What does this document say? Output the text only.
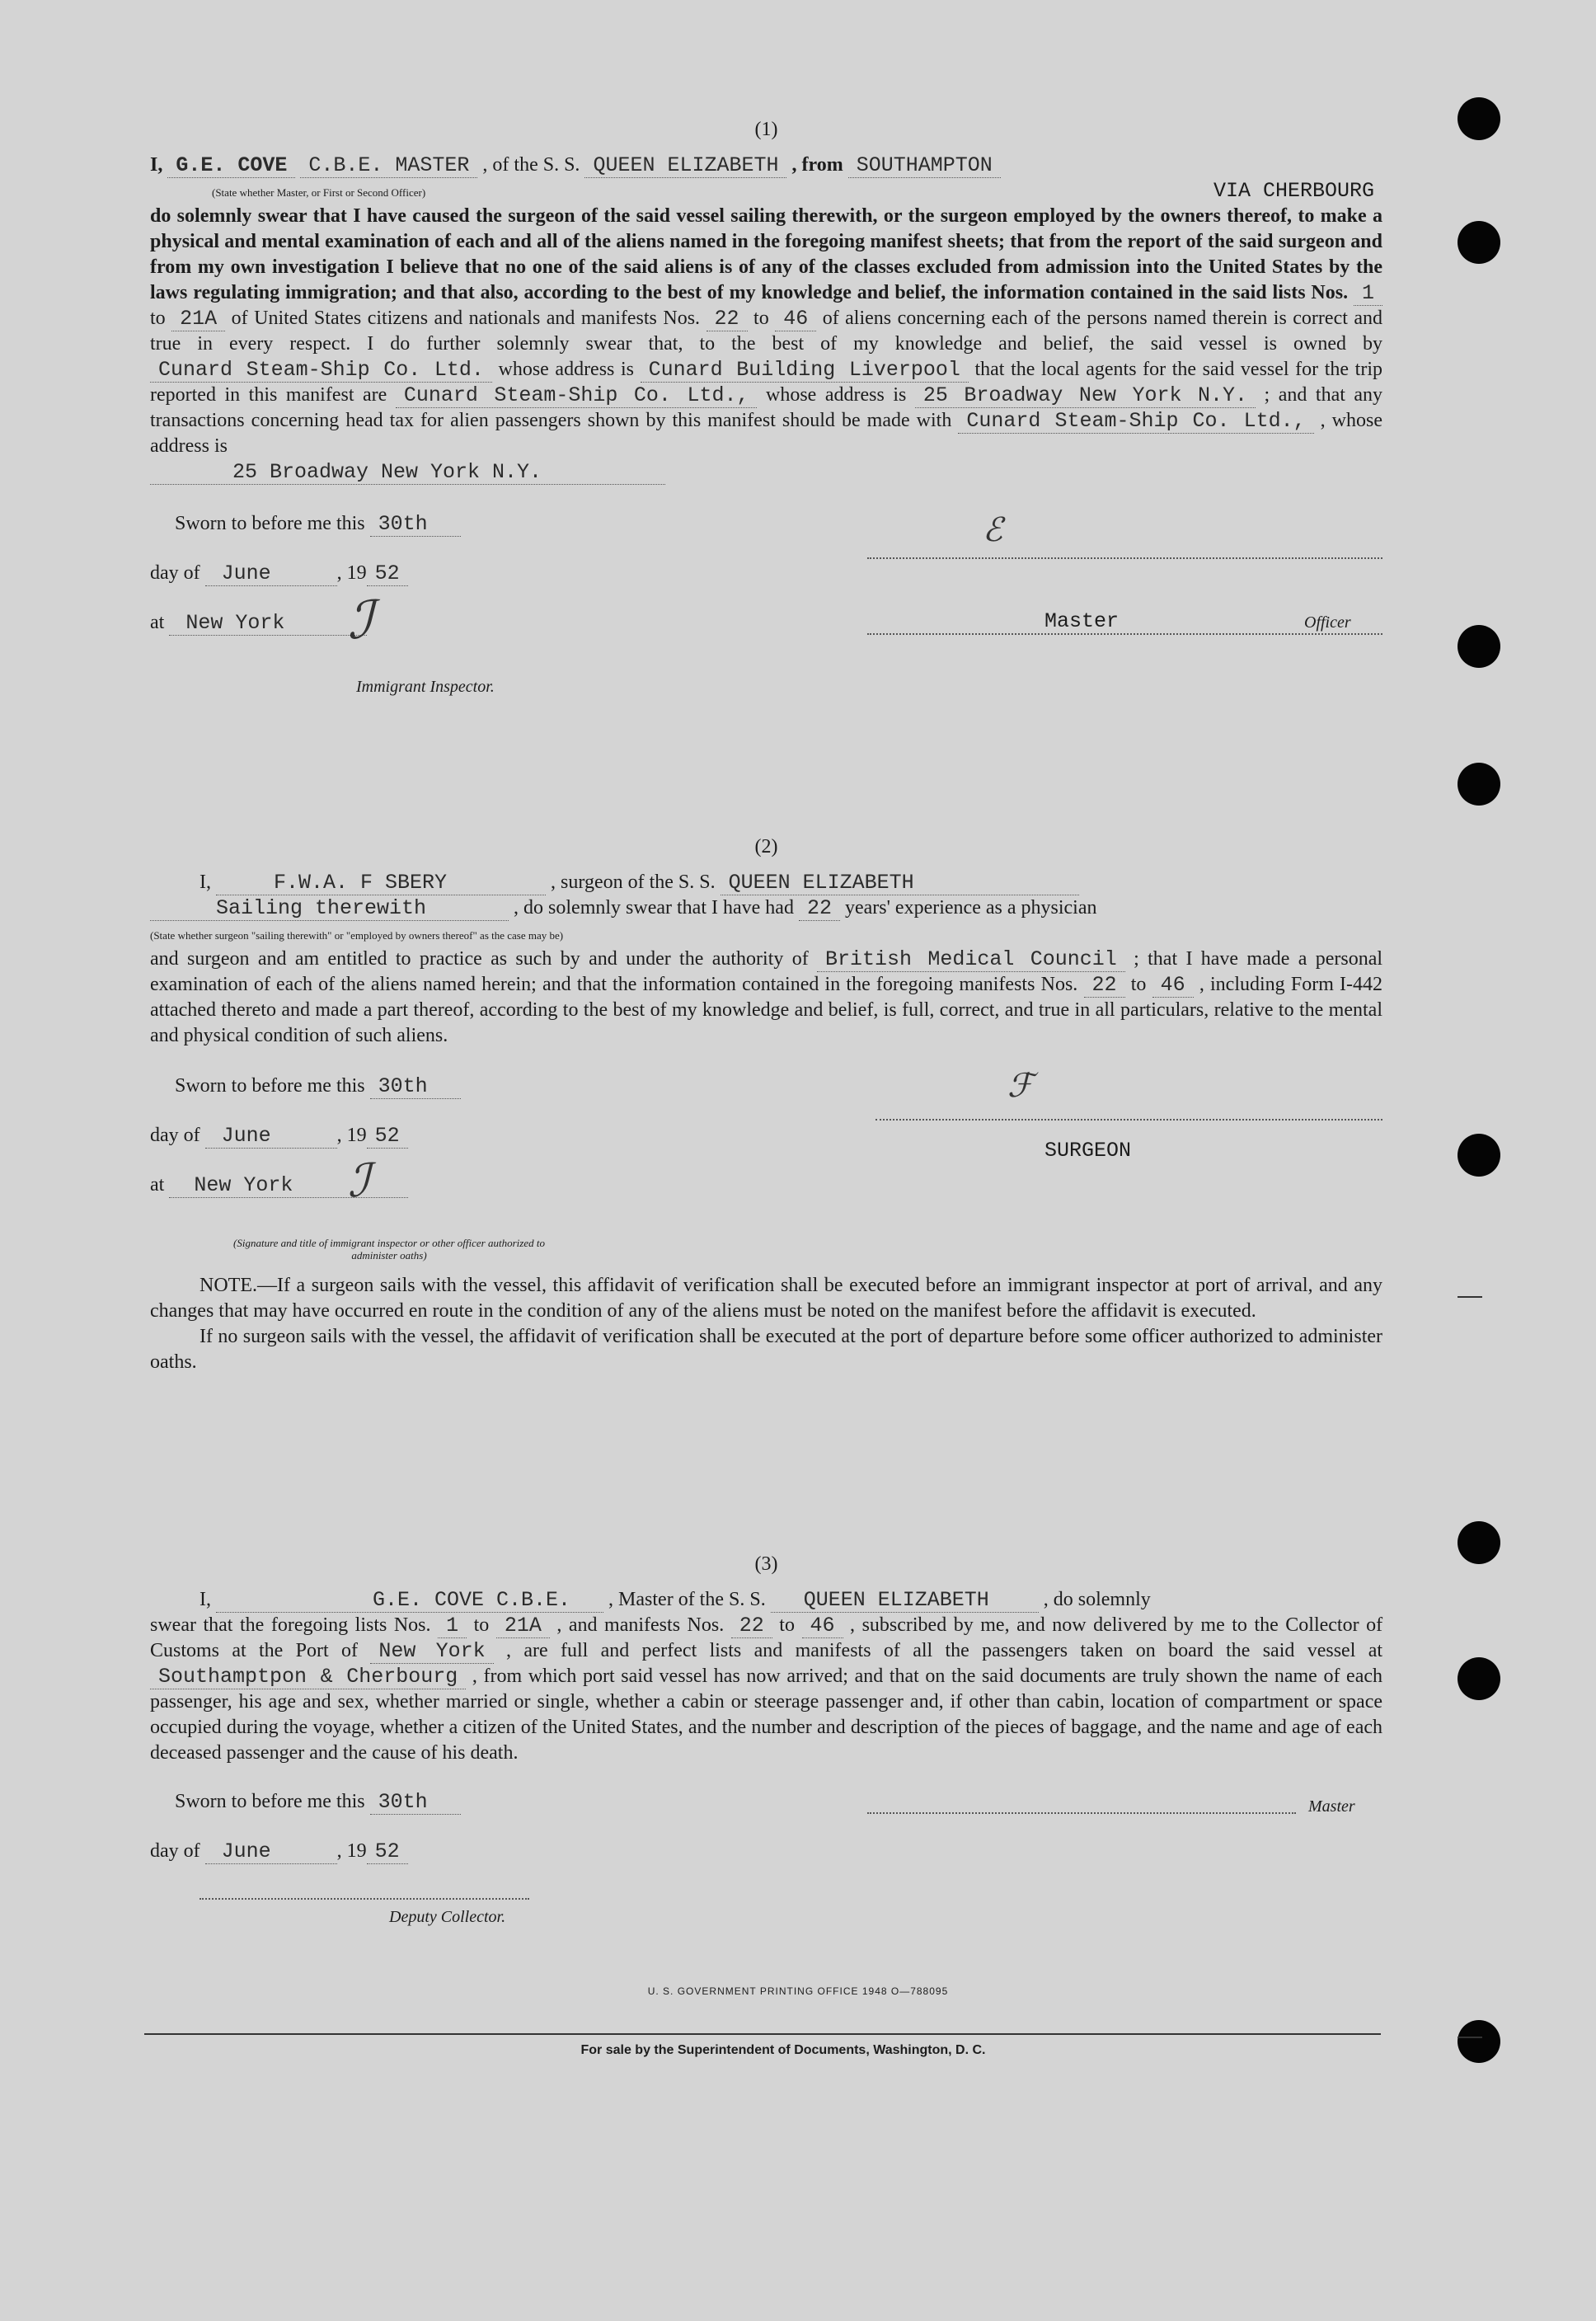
(1)

I, G.E. COVE C.B.E. MASTER , of the S. S. QUEEN ELIZABETH , from SOUTHAMPTON
(State whether Master, or First or Second Officer)	VIA CHERBOURG

do solemnly swear that I have caused the surgeon of the said vessel sailing therewith, or the surgeon employed by the owners thereof, to make a physical and mental examination of each and all of the aliens named in the foregoing manifest sheets; that from the report of the said surgeon and from my own investigation I believe that no one of the said aliens is of any of the classes excluded from admission into the United States by the laws regulating immigration; and that also, according to the best of my knowledge and belief, the information contained in the said lists Nos. 1 to 21A of United States citizens and nationals and manifests Nos. 22 to 46 of aliens concerning each of the persons named therein is correct and true in every respect. I do further solemnly swear that, to the best of my knowledge and belief, the said vessel is owned by Cunard Steam-Ship Co. Ltd. whose address is Cunard Building Liverpool that the local agents for the said vessel for the trip reported in this manifest are Cunard Steam-Ship Co. Ltd., whose address is 25 Broadway New York N.Y. ; and that any transactions concerning head tax for alien passengers shown by this manifest should be made with Cunard Steam-Ship Co. Ltd., , whose address is
25 Broadway New York N.Y.

Sworn to before me this 30th
day of June	, 19 52
at New York	ℐ
Immigrant Inspector.
ℰ
Master	Officer
(2)

I,	F.W.A. F SBERY	, surgeon of the S. S. QUEEN ELIZABETH
Sailing therewith	, do solemnly swear that I have had 22 years' experience as a physician
(State whether surgeon "sailing therewith" or "employed by owners thereof" as the case may be)
and surgeon and am entitled to practice as such by and under the authority of British Medical Council ; that I have made a personal examination of each of the aliens named herein; and that the information contained in the foregoing manifests Nos. 22 to 46 , including Form I-442 attached thereto and made a part thereof, according to the best of my knowledge and belief, is full, correct, and true in all particulars, relative to the mental and physical condition of such aliens.

Sworn to before me this 30th
day of June	, 19 52
at New York	ℐ
(Signature and title of immigrant inspector or other officer authorized to administer oaths)
ℱ
SURGEON

NOTE.—If a surgeon sails with the vessel, this affidavit of verification shall be executed before an immigrant inspector at port of arrival, and any changes that may have occurred en route in the condition of any of the aliens must be noted on the manifest before the affidavit is executed.

If no surgeon sails with the vessel, the affidavit of verification shall be executed at the port of departure before some officer authorized to administer oaths.

(3)

I,	G.E. COVE C.B.E. , Master of the S. S. QUEEN ELIZABETH	, do solemnly
swear that the foregoing lists Nos. 1 to 21A , and manifests Nos. 22 to 46 , subscribed by me, and now delivered by me to the Collector of Customs at the Port of New York , are full and perfect lists and manifests of all the passengers taken on board the said vessel at Southamptpon & Cherbourg , from which port said vessel has now arrived; and that on the said documents are truly shown the name of each passenger, his age and sex, whether married or single, whether a cabin or steerage passenger and, if other than cabin, location of compartment or space occupied during the voyage, whether a citizen of the United States, and the number and description of the pieces of baggage, and the name and age of each deceased passenger and the cause of his death.

Sworn to before me this 30th
day of June	, 19 52
Master
Deputy Collector.
U. S. GOVERNMENT PRINTING OFFICE 1948 O—788095
For sale by the Superintendent of Documents, Washington, D. C.
